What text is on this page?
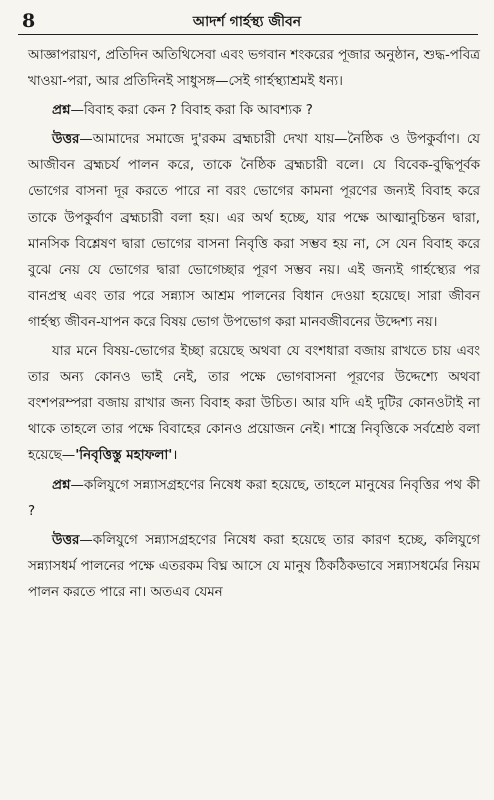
8	আদর্শ গার্হস্থ্য জীবন

আজ্ঞাপরায়ণ, প্রতিদিন অতিথিসেবা এবং ভগবান শংকরের পূজার অনুষ্ঠান, শুদ্ধ-পবিত্র খাওয়া-পরা, আর প্রতিদিনই সাধুসঙ্গ—সেই গার্হস্থ্যাশ্রমই ধন্য।

প্রশ্ন—বিবাহ করা কেন ? বিবাহ করা কি আবশ্যক ?

উত্তর—আমাদের সমাজে দু'রকম ব্রহ্মচারী দেখা যায়—নৈষ্ঠিক ও উপকুর্বাণ। যে আজীবন ব্রহ্মচর্য পালন করে, তাকে নৈষ্ঠিক ব্রহ্মচারী বলে। যে বিবেক-বুদ্ধিপূর্বক ভোগের বাসনা দূর করতে পারে না বরং ভোগের কামনা পূরণের জন্যই বিবাহ করে তাকে উপকুর্বাণ ব্রহ্মচারী বলা হয়। এর অর্থ হচ্ছে, যার পক্ষে আত্মানুচিন্তন দ্বারা, মানসিক বিশ্লেষণ দ্বারা ভোগের বাসনা নিবৃত্তি করা সম্ভব হয় না, সে যেন বিবাহ করে বুঝে নেয় যে ভোগের দ্বারা ভোগেচ্ছার পূরণ সম্ভব নয়। এই জন্যই গার্হস্থ্যের পর বানপ্রস্থ এবং তার পরে সন্ন্যাস আশ্রম পালনের বিধান দেওয়া হয়েছে। সারা জীবন গার্হস্থ্য জীবন-যাপন করে বিষয় ভোগ উপভোগ করা মানবজীবনের উদ্দেশ্য নয়।

যার মনে বিষয়-ভোগের ইচ্ছা রয়েছে অথবা যে বংশধারা বজায় রাখতে চায় এবং তার অন্য কোনও ভাই নেই, তার পক্ষে ভোগবাসনা পূরণের উদ্দেশ্যে অথবা বংশপরম্পরা বজায় রাখার জন্য বিবাহ করা উচিত। আর যদি এই দুটির কোনওটাই না থাকে তাহলে তার পক্ষে বিবাহের কোনও প্রয়োজন নেই। শাস্ত্রে নিবৃত্তিকে সর্বশ্রেষ্ঠ বলা হয়েছে—'নিবৃত্তিস্তু মহাফলা'।

প্রশ্ন—কলিযুগে সন্ন্যাসগ্রহণের নিষেধ করা হয়েছে, তাহলে মানুষের নিবৃত্তির পথ কী ?

উত্তর—কলিযুগে সন্ন্যাসগ্রহণের নিষেধ করা হয়েছে তার কারণ হচ্ছে, কলিযুগে সন্ন্যাসধর্ম পালনের পক্ষে এতরকম বিঘ্ন আসে যে মানুষ ঠিকঠিকভাবে সন্ন্যাসধর্মের নিয়ম পালন করতে পারে না। অতএব যেমন
